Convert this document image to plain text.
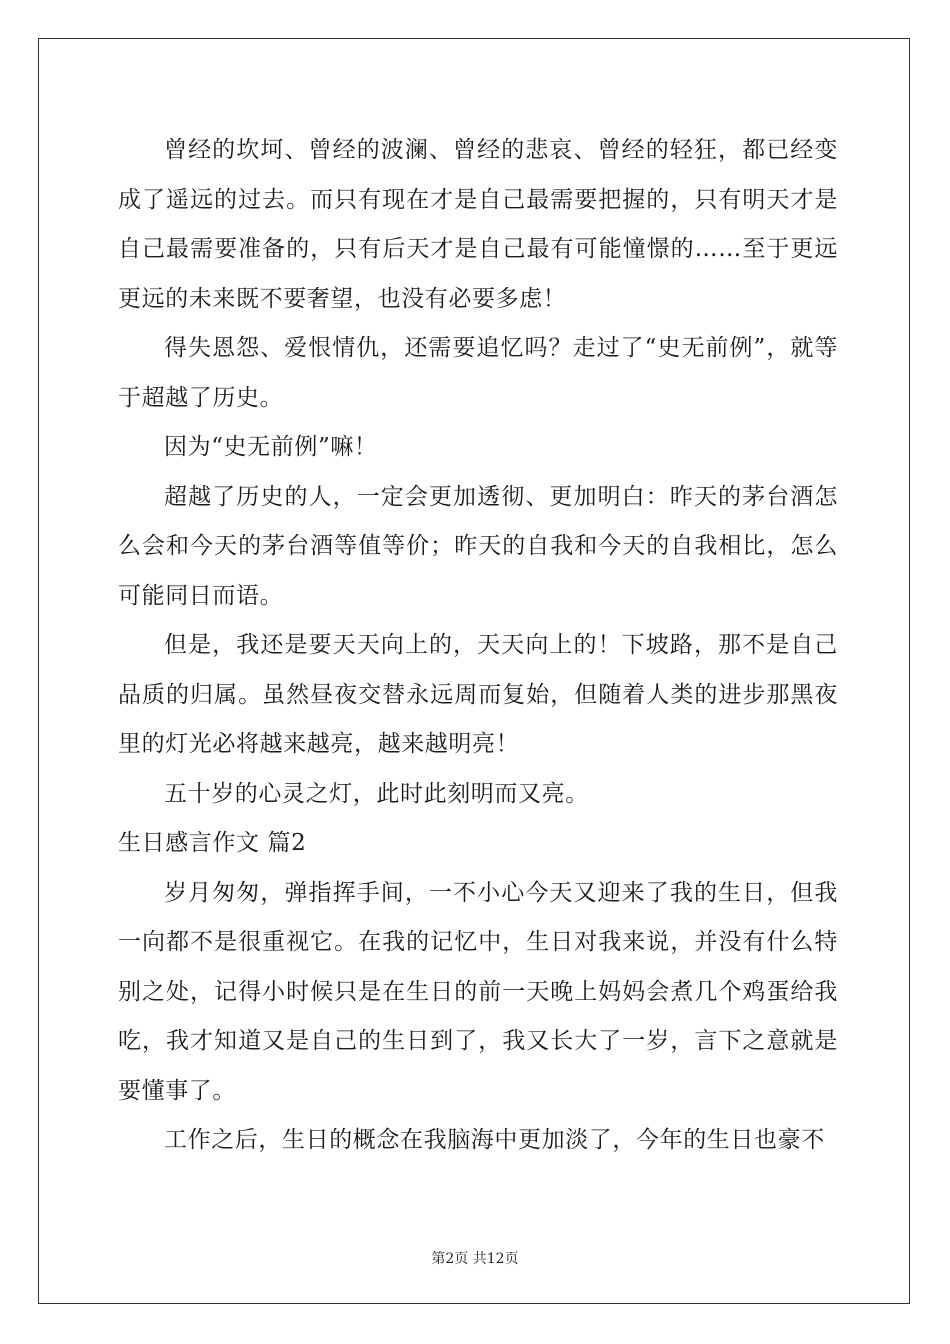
曾经的坎坷、曾经的波澜、曾经的悲哀、曾经的轻狂，都已经变成了遥远的过去。而只有现在才是自己最需要把握的，只有明天才是自己最需要准备的，只有后天才是自己最有可能憧憬的……至于更远更远的未来既不要奢望，也没有必要多虑！

得失恩怨、爱恨情仇，还需要追忆吗？走过了“史无前例”，就等于超越了历史。

因为“史无前例”嘛！

超越了历史的人，一定会更加透彻、更加明白：昨天的茅台酒怎么会和今天的茅台酒等值等价；昨天的自我和今天的自我相比，怎么可能同日而语。

但是，我还是要天天向上的，天天向上的！下坡路，那不是自己品质的归属。虽然昼夜交替永远周而复始，但随着人类的进步那黑夜里的灯光必将越来越亮，越来越明亮！

五十岁的心灵之灯，此时此刻明而又亮。

生日感言作文 篇2

岁月匆匆，弹指挥手间，一不小心今天又迎来了我的生日，但我一向都不是很重视它。在我的记忆中，生日对我来说，并没有什么特别之处，记得小时候只是在生日的前一天晚上妈妈会煮几个鸡蛋给我吃，我才知道又是自己的生日到了，我又长大了一岁，言下之意就是要懂事了。

工作之后，生日的概念在我脑海中更加淡了，今年的生日也豪不

第2页 共12页
